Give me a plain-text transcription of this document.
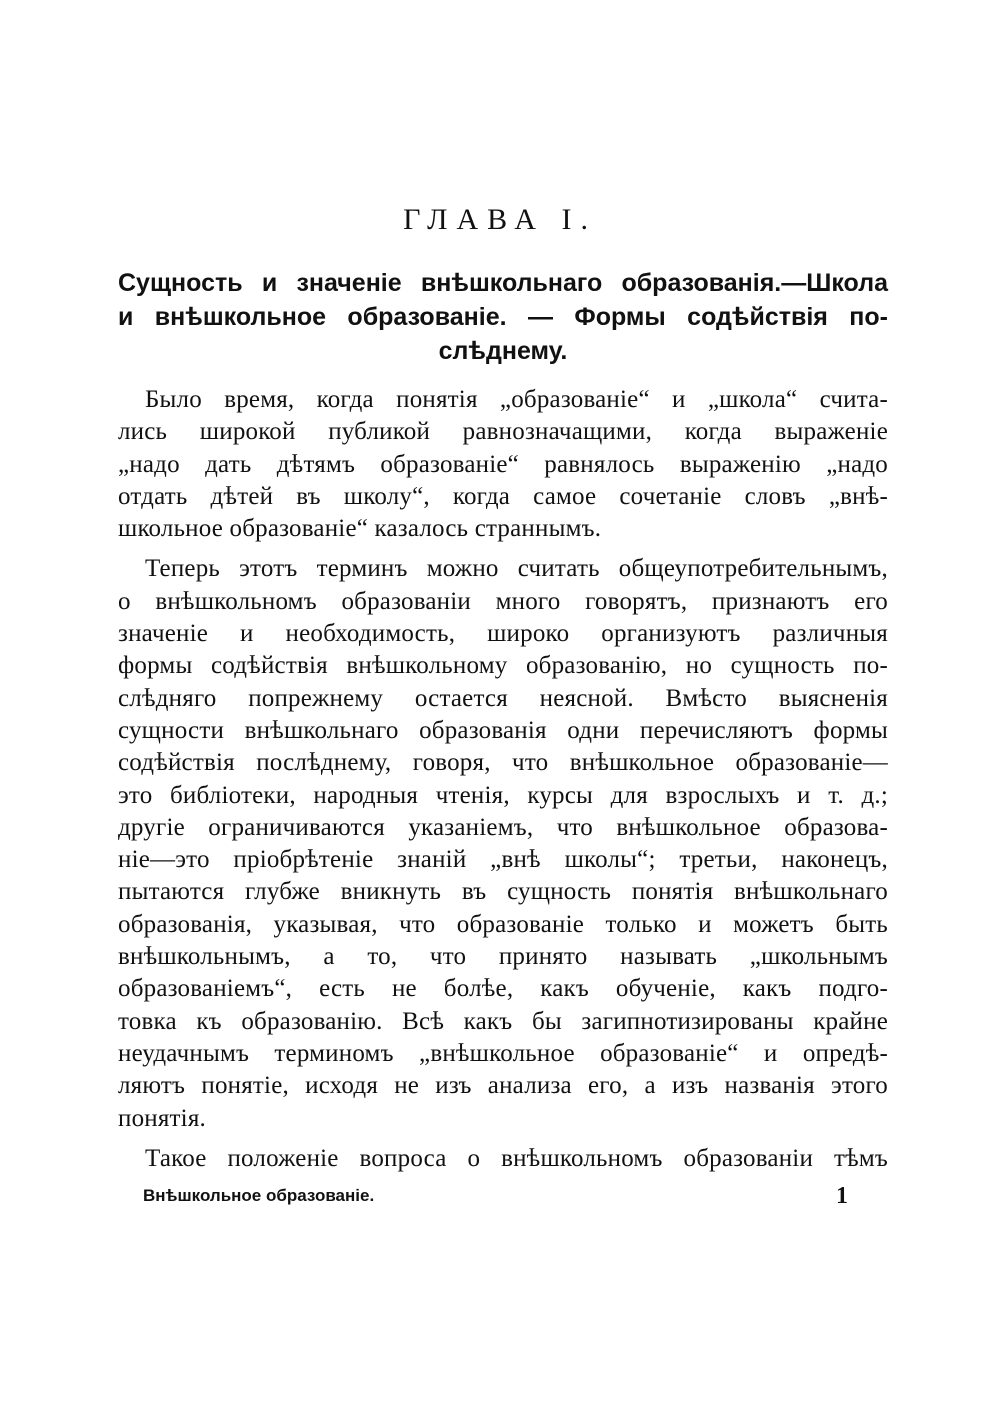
ГЛАВА I.
Сущность и значеніе внѣшкольнаго образованія.—Школа
и внѣшкольное образованіе. — Формы содѣйствія по-
слѣднему.

Было время, когда понятія „образованіе“ и „школа“ счита-
лись широкой публикой равнозначащими, когда выраженіе
„надо дать дѣтямъ образованіе“ равнялось выраженію „надо
отдать дѣтей въ школу“, когда самое сочетаніе словъ „внѣ-
школьное образованіе“ казалось страннымъ.

Теперь этотъ терминъ можно считать общеупотребительнымъ,
о внѣшкольномъ образованіи много говорятъ, признаютъ его
значеніе и необходимость, широко организуютъ различныя
формы содѣйствія внѣшкольному образованію, но сущность по-
слѣдняго попрежнему остается неясной. Вмѣсто выясненія
сущности внѣшкольнаго образованія одни перечисляютъ формы
содѣйствія послѣднему, говоря, что внѣшкольное образованіе—
это библіотеки, народныя чтенія, курсы для взрослыхъ и т. д.;
другіе ограничиваются указаніемъ, что внѣшкольное образова-
ніе—это пріобрѣтеніе знаній „внѣ школы“; третьи, наконецъ,
пытаются глубже вникнуть въ сущность понятія внѣшкольнаго
образованія, указывая, что образованіе только и можетъ быть
внѣшкольнымъ, а то, что принято называть „школьнымъ
образованіемъ“, есть не болѣе, какъ обученіе, какъ подго-
товка къ образованію. Всѣ какъ бы загипнотизированы крайне
неудачнымъ терминомъ „внѣшкольное образованіе“ и опредѣ-
ляютъ понятіе, исходя не изъ анализа его, а изъ названія этого
понятія.

Такое положеніе вопроса о внѣшкольномъ образованіи тѣмъ

Внѣшкольное образованіе.	1
